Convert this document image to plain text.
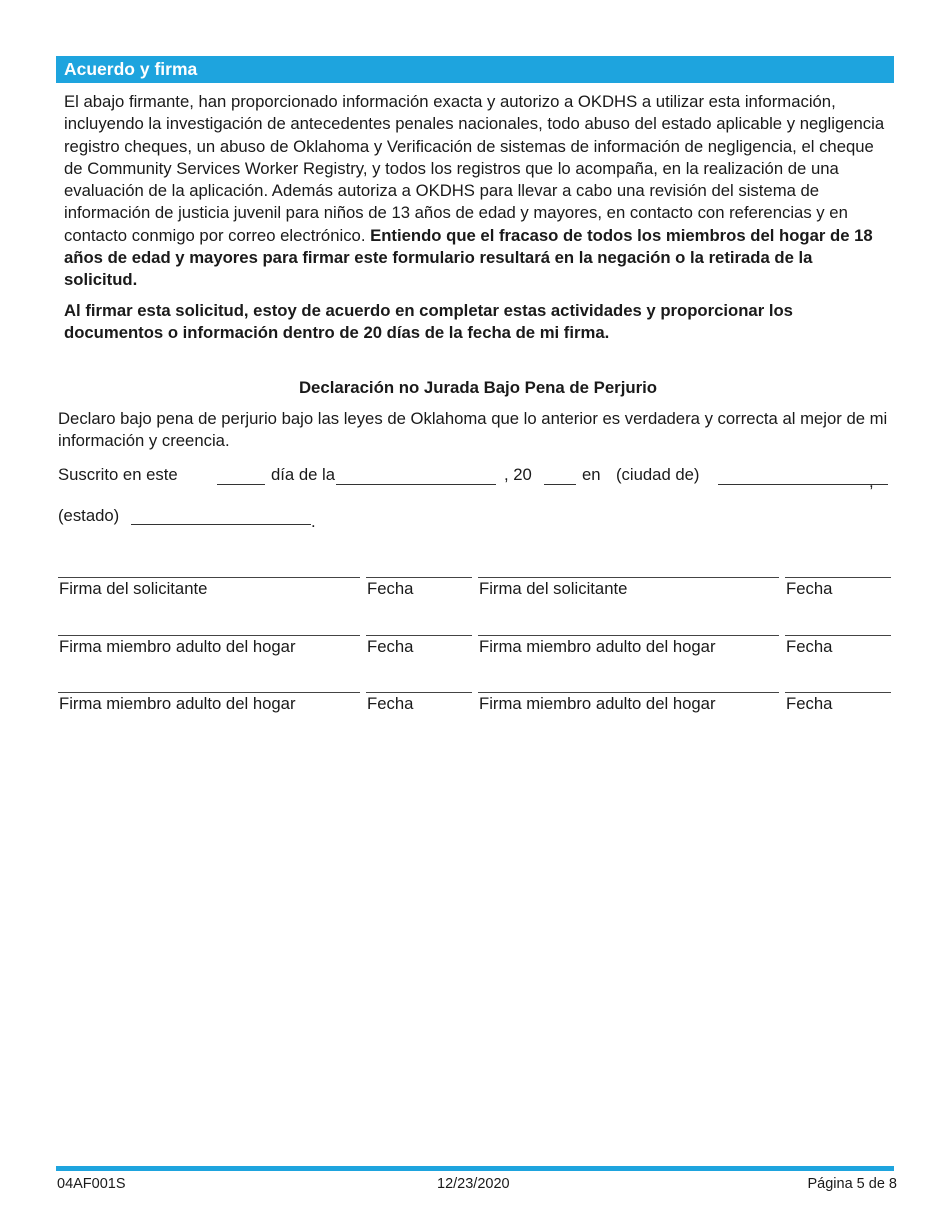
Acuerdo y firma

El abajo firmante, han proporcionado información exacta y autorizo a OKDHS a utilizar esta información, incluyendo la investigación de antecedentes penales nacionales, todo abuso del estado aplicable y negligencia registro cheques, un abuso de Oklahoma y Verificación de sistemas de información de negligencia, el cheque de Community Services Worker Registry, y todos los registros que lo acompaña, en la realización de una evaluación de la aplicación. Además autoriza a OKDHS para llevar a cabo una revisión del sistema de información de justicia juvenil para niños de 13 años de edad y mayores, en contacto con referencias y en contacto conmigo por correo electrónico. Entiendo que el fracaso de todos los miembros del hogar de 18 años de edad y mayores para firmar este formulario resultará en la negación o la retirada de la solicitud.

Al firmar esta solicitud, estoy de acuerdo en completar estas actividades y proporcionar los documentos o información dentro de 20 días de la fecha de mi firma.

Declaración no Jurada Bajo Pena de Perjurio

Declaro bajo pena de perjurio bajo las leyes de Oklahoma que lo anterior es verdadera y correcta al mejor de mi información y creencia.

Suscrito en este	día de la	, 20	en (ciudad de)	,
(estado)	.
Firma del solicitante	Fecha	Firma del solicitante	Fecha
Firma miembro adulto del hogar	Fecha	Firma miembro adulto del hogar	Fecha
Firma miembro adulto del hogar	Fecha	Firma miembro adulto del hogar	Fecha
04AF001S	12/23/2020	Página 5 de 8
